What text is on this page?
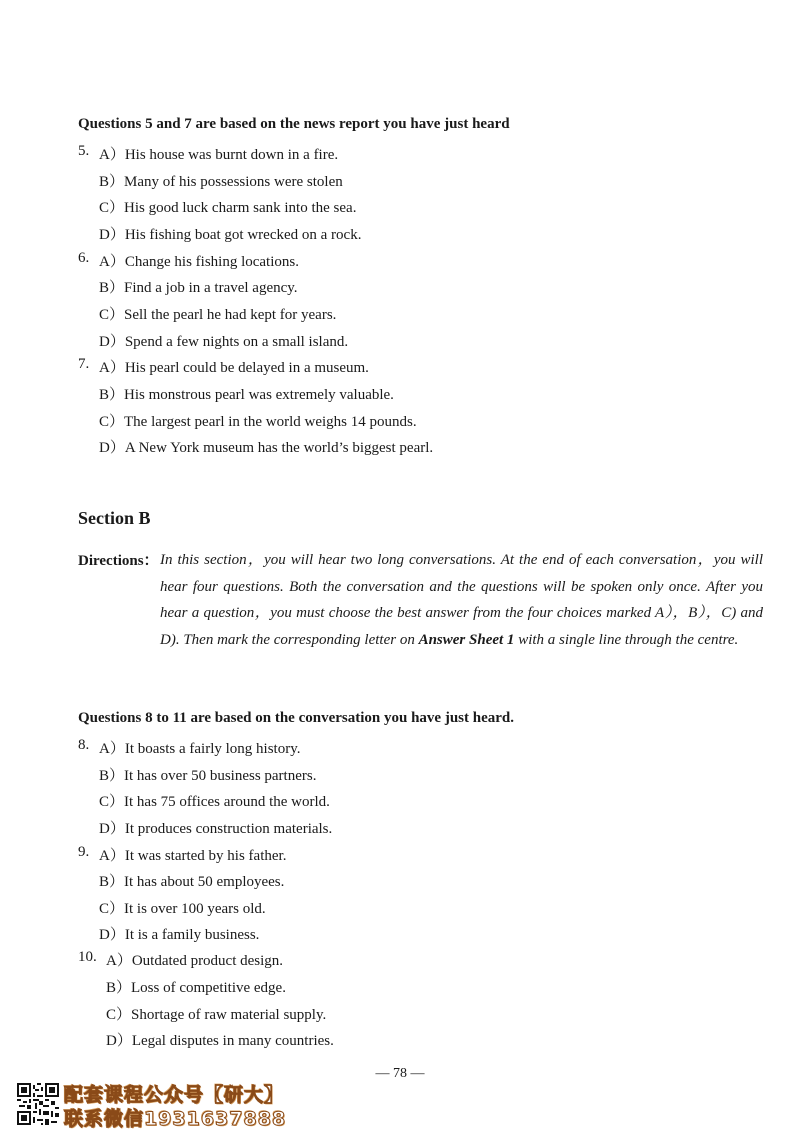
Questions 5 and 7 are based on the news report you have just heard
5. A）His house was burnt down in a fire.
B）Many of his possessions were stolen
C）His good luck charm sank into the sea.
D）His fishing boat got wrecked on a rock.
6. A）Change his fishing locations.
B）Find a job in a travel agency.
C）Sell the pearl he had kept for years.
D）Spend a few nights on a small island.
7. A）His pearl could be delayed in a museum.
B）His monstrous pearl was extremely valuable.
C）The largest pearl in the world weighs 14 pounds.
D）A New York museum has the world’s biggest pearl.
Section B
Directions： In this section，you will hear two long conversations. At the end of each conversation，you will hear four questions. Both the conversation and the questions will be spoken only once. After you hear a question，you must choose the best answer from the four choices marked A），B），C) and D). Then mark the corresponding letter on Answer Sheet 1 with a single line through the centre.
Questions 8 to 11 are based on the conversation you have just heard.
8. A）It boasts a fairly long history.
B）It has over 50 business partners.
C）It has 75 offices around the world.
D）It produces construction materials.
9. A）It was started by his father.
B）It has about 50 employees.
C）It is over 100 years old.
D）It is a family business.
10. A）Outdated product design.
B）Loss of competitive edge.
C）Shortage of raw material supply.
D）Legal disputes in many countries.
— 78 —
配套课程公众号【研大】
联系微信1931637888
